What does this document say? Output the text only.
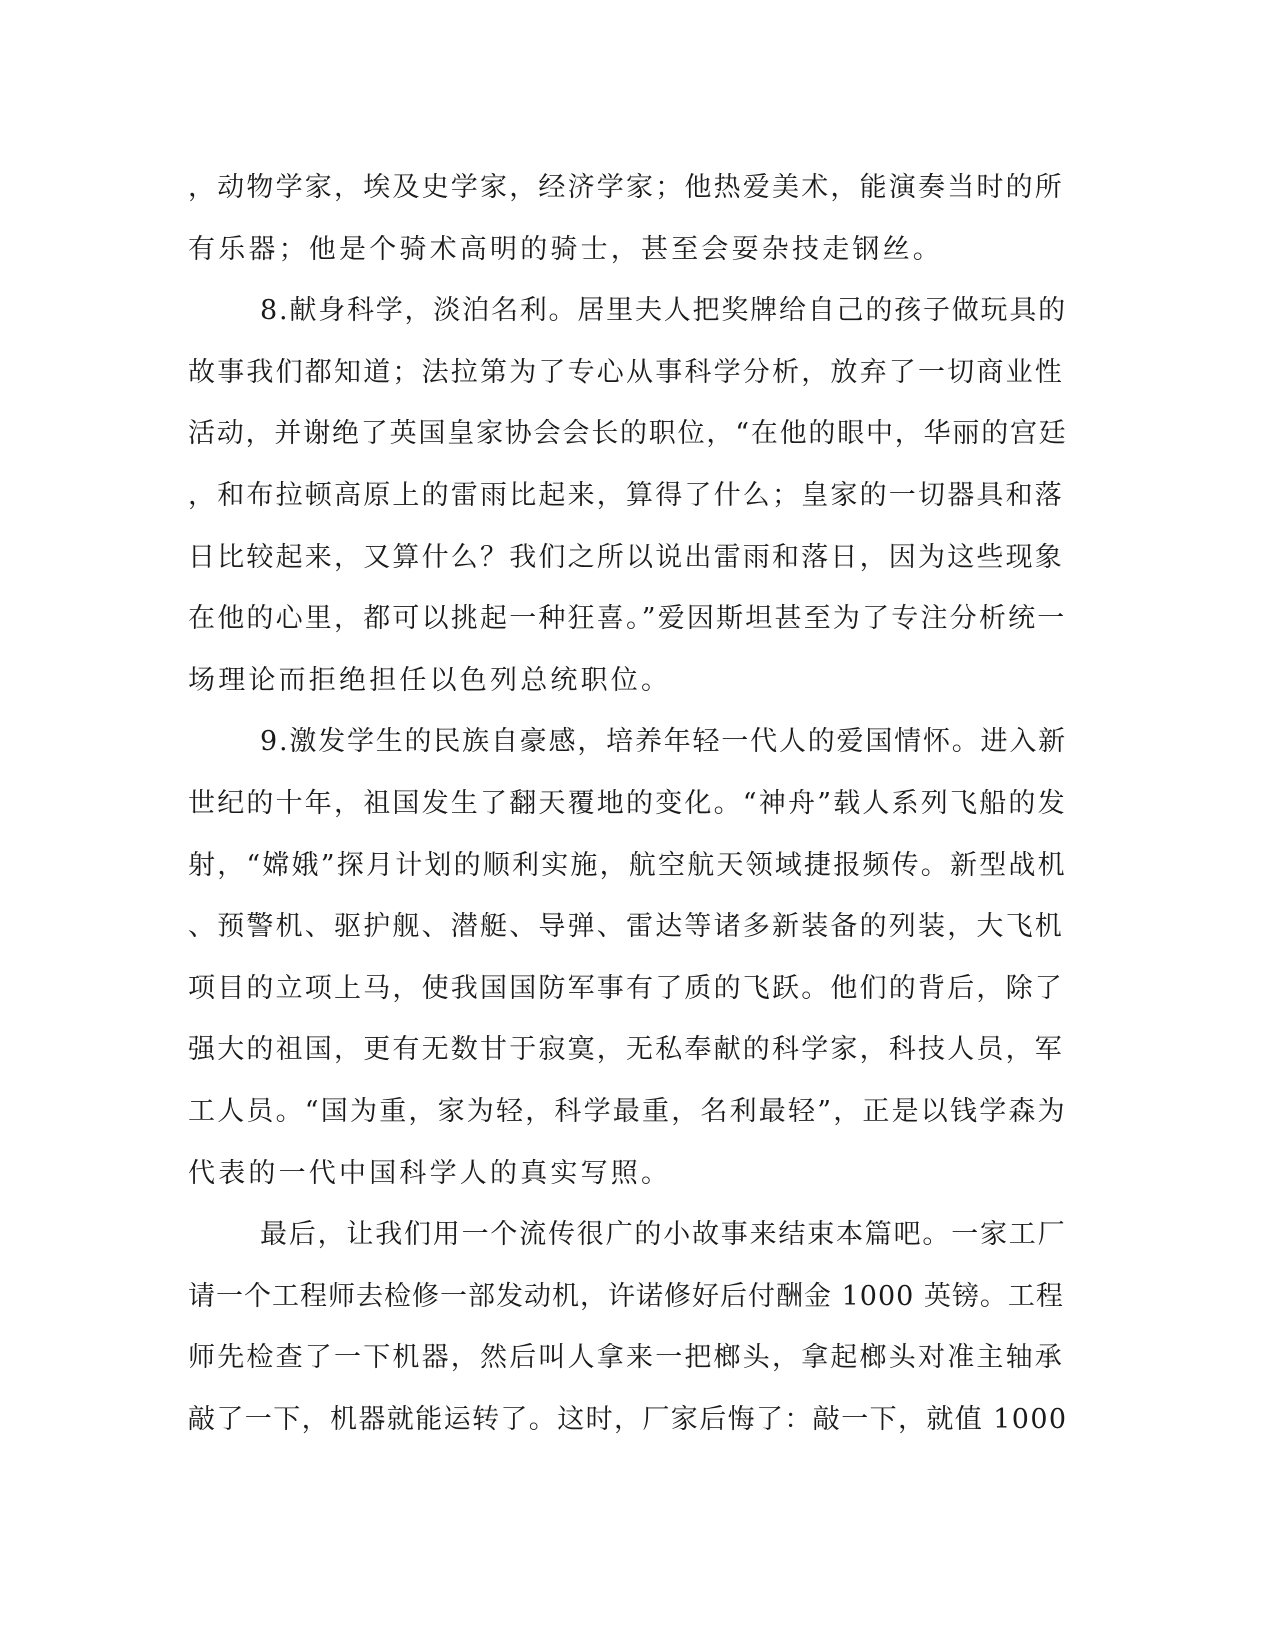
，动物学家，埃及史学家，经济学家；他热爱美术，能演奏当时的所
有乐器；他是个骑术高明的骑士，甚至会耍杂技走钢丝。
8.献身科学，淡泊名利。居里夫人把奖牌给自己的孩子做玩具的
故事我们都知道；法拉第为了专心从事科学分析，放弃了一切商业性
活动，并谢绝了英国皇家协会会长的职位，“在他的眼中，华丽的宫廷
，和布拉顿高原上的雷雨比起来，算得了什么；皇家的一切器具和落
日比较起来，又算什么？我们之所以说出雷雨和落日，因为这些现象
在他的心里，都可以挑起一种狂喜。”爱因斯坦甚至为了专注分析统一
场理论而拒绝担任以色列总统职位。
9.激发学生的民族自豪感，培养年轻一代人的爱国情怀。进入新
世纪的十年，祖国发生了翻天覆地的变化。“神舟”载人系列飞船的发
射，“嫦娥”探月计划的顺利实施，航空航天领域捷报频传。新型战机
、预警机、驱护舰、潜艇、导弹、雷达等诸多新装备的列装，大飞机
项目的立项上马，使我国国防军事有了质的飞跃。他们的背后，除了
强大的祖国，更有无数甘于寂寞，无私奉献的科学家，科技人员，军
工人员。“国为重，家为轻，科学最重，名利最轻”，正是以钱学森为
代表的一代中国科学人的真实写照。
最后，让我们用一个流传很广的小故事来结束本篇吧。一家工厂
请一个工程师去检修一部发动机，许诺修好后付酬金 1000 英镑。工程
师先检查了一下机器，然后叫人拿来一把榔头，拿起榔头对准主轴承
敲了一下，机器就能运转了。这时，厂家后悔了：敲一下，就值 1000
